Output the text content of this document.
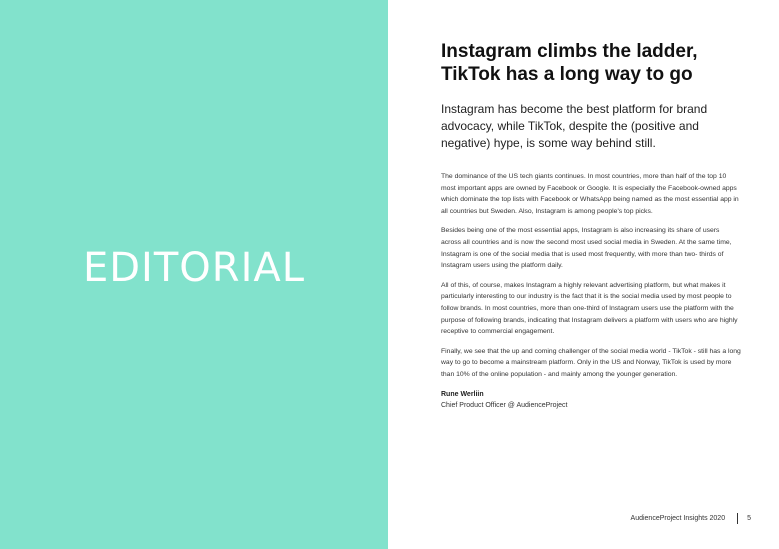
EDITORIAL
Instagram climbs the ladder,
TikTok has a long way to go

Instagram has become the best platform for brand advocacy, while TikTok, despite the (positive and negative) hype, is some way behind still.

The dominance of the US tech giants continues. In most countries, more than half of the top 10 most important apps are owned by Facebook or Google. It is especially the Facebook-owned apps which dominate the top lists with Facebook or WhatsApp being named as the most essential app in all countries but Sweden. Also, Instagram is among people's top picks.

Besides being one of the most essential apps, Instagram is also increasing its share of users across all countries and is now the second most used social media in Sweden. At the same time, Instagram is one of the social media that is used most frequently, with more than two- thirds of Instagram users using the platform daily.

All of this, of course, makes Instagram a highly relevant advertising platform, but what makes it particularly interesting to our industry is the fact that it is the social media used by most people to follow brands. In most countries, more than one-third of Instagram users use the platform with the purpose of following brands, indicating that Instagram delivers a platform with users who are highly receptive to commercial engagement.

Finally, we see that the up and coming challenger of the social media world - TikTok - still has a long way to go to become a mainstream platform. Only in the US and Norway, TikTok is used by more than 10% of the online population - and mainly among the younger generation.

Rune Werliin
Chief Product Officer @ AudienceProject
AudienceProject Insights 2020	5
